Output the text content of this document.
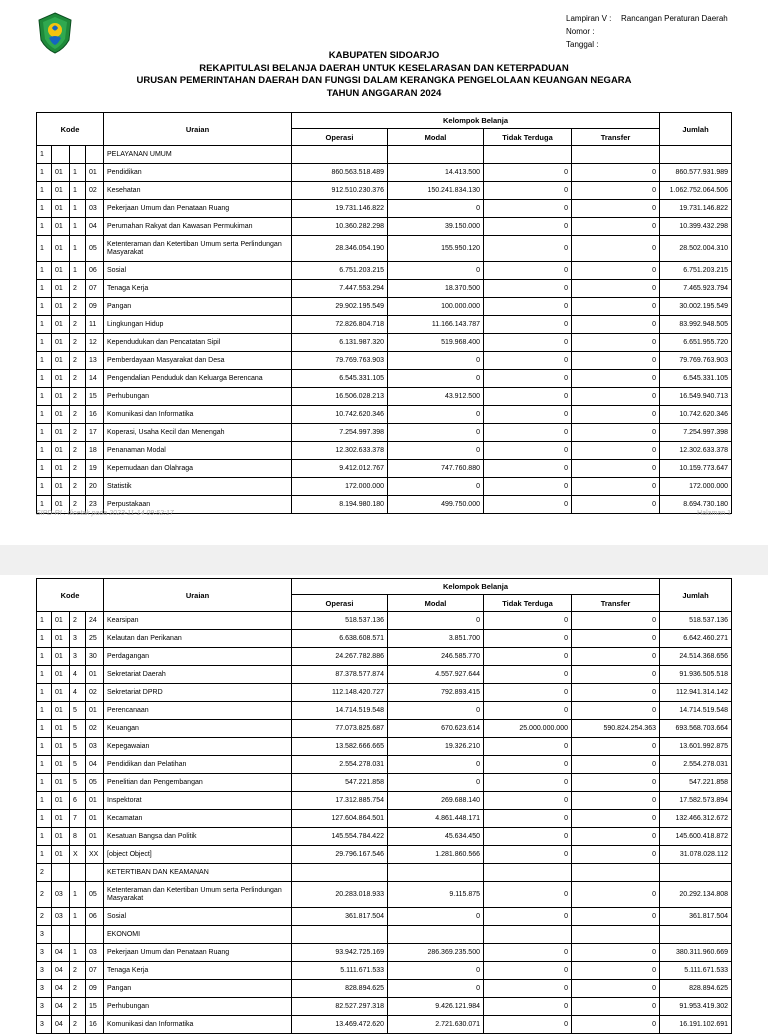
Lampiran V :	Rancangan Peraturan Daerah
Nomor :
Tanggal :
KABUPATEN SIDOARJO
REKAPITULASI BELANJA DAERAH UNTUK KESELARASAN DAN KETERPADUAN
URUSAN PEMERINTAHAN DAERAH DAN FUNGSI DALAM KERANGKA PENGELOLAAN KEUANGAN NEGARA
TAHUN ANGGARAN 2024
Kode				Uraian	Kelompok Belanja				Jumlah
					Operasi	Modal	Tidak Terduga	Transfer	
1				PELAYANAN UMUM					
1	01	1	01	Pendidikan	860.563.518.489	14.413.500	0	0	860.577.931.989
1	01	1	02	Kesehatan	912.510.230.376	150.241.834.130	0	0	1.062.752.064.506
1	01	1	03	Pekerjaan Umum dan Penataan Ruang	19.731.146.822	0	0	0	19.731.146.822
1	01	1	04	Perumahan Rakyat dan Kawasan Permukiman	10.360.282.298	39.150.000	0	0	10.399.432.298
1	01	1	05	Ketenteraman dan Ketertiban Umum serta Perlindungan Masyarakat	28.346.054.190	155.950.120	0	0	28.502.004.310
1	01	1	06	Sosial	6.751.203.215	0	0	0	6.751.203.215
1	01	2	07	Tenaga Kerja	7.447.553.294	18.370.500	0	0	7.465.923.794
1	01	2	09	Pangan	29.902.195.549	100.000.000	0	0	30.002.195.549
1	01	2	11	Lingkungan Hidup	72.826.804.718	11.166.143.787	0	0	83.992.948.505
1	01	2	12	Kependudukan dan Pencatatan Sipil	6.131.987.320	519.968.400	0	0	6.651.955.720
1	01	2	13	Pemberdayaan Masyarakat dan Desa	79.769.763.903	0	0	0	79.769.763.903
1	01	2	14	Pengendalian Penduduk dan Keluarga Berencana	6.545.331.105	0	0	0	6.545.331.105
1	01	2	15	Perhubungan	16.506.028.213	43.912.500	0	0	16.549.940.713
1	01	2	16	Komunikasi dan Informatika	10.742.620.346	0	0	0	10.742.620.346
1	01	2	17	Koperasi, Usaha Kecil dan Menengah	7.254.997.398	0	0	0	7.254.997.398
1	01	2	18	Penanaman Modal	12.302.633.378	0	0	0	12.302.633.378
1	01	2	19	Kepemudaan dan Olahraga	9.412.012.767	747.760.880	0	0	10.159.773.647
1	01	2	20	Statistik	172.000.000	0	0	0	172.000.000
1	01	2	23	Perpustakaan	8.194.980.180	499.750.000	0	0	8.694.730.180
SIPD-RI : dicetak pada 2023-11-14 09:52:17	Halaman 1
Kode				Uraian	Kelompok Belanja				Jumlah
					Operasi	Modal	Tidak Terduga	Transfer	
1	01	2	24	Kearsipan	518.537.136	0	0	0	518.537.136
1	01	3	25	Kelautan dan Perikanan	6.638.608.571	3.851.700	0	0	6.642.460.271
1	01	3	30	Perdagangan	24.267.782.886	246.585.770	0	0	24.514.368.656
1	01	4	01	Sekretariat Daerah	87.378.577.874	4.557.927.644	0	0	91.936.505.518
1	01	4	02	Sekretariat DPRD	112.148.420.727	792.893.415	0	0	112.941.314.142
1	01	5	01	Perencanaan	14.714.519.548	0	0	0	14.714.519.548
1	01	5	02	Keuangan	77.073.825.687	670.623.614	25.000.000.000	590.824.254.363	693.568.703.664
1	01	5	03	Kepegawaian	13.582.666.665	19.326.210	0	0	13.601.992.875
1	01	5	04	Pendidikan dan Pelatihan	2.554.278.031	0	0	0	2.554.278.031
1	01	5	05	Penelitian dan Pengembangan	547.221.858	0	0	0	547.221.858
1	01	6	01	Inspektorat	17.312.885.754	269.688.140	0	0	17.582.573.894
1	01	7	01	Kecamatan	127.604.864.501	4.861.448.171	0	0	132.466.312.672
1	01	8	01	Kesatuan Bangsa dan Politik	145.554.784.422	45.634.450	0	0	145.600.418.872
1	01	X	XX	[object Object]	29.796.167.546	1.281.860.566	0	0	31.078.028.112
2				KETERTIBAN DAN KEAMANAN					
2	03	1	05	Ketenteraman dan Ketertiban Umum serta Perlindungan Masyarakat	20.283.018.933	9.115.875	0	0	20.292.134.808
2	03	1	06	Sosial	361.817.504	0	0	0	361.817.504
3				EKONOMI					
3	04	1	03	Pekerjaan Umum dan Penataan Ruang	93.942.725.169	286.369.235.500	0	0	380.311.960.669
3	04	2	07	Tenaga Kerja	5.111.671.533	0	0	0	5.111.671.533
3	04	2	09	Pangan	828.894.625	0	0	0	828.894.625
3	04	2	15	Perhubungan	82.527.297.318	9.426.121.984	0	0	91.953.419.302
3	04	2	16	Komunikasi dan Informatika	13.469.472.620	2.721.630.071	0	0	16.191.102.691
